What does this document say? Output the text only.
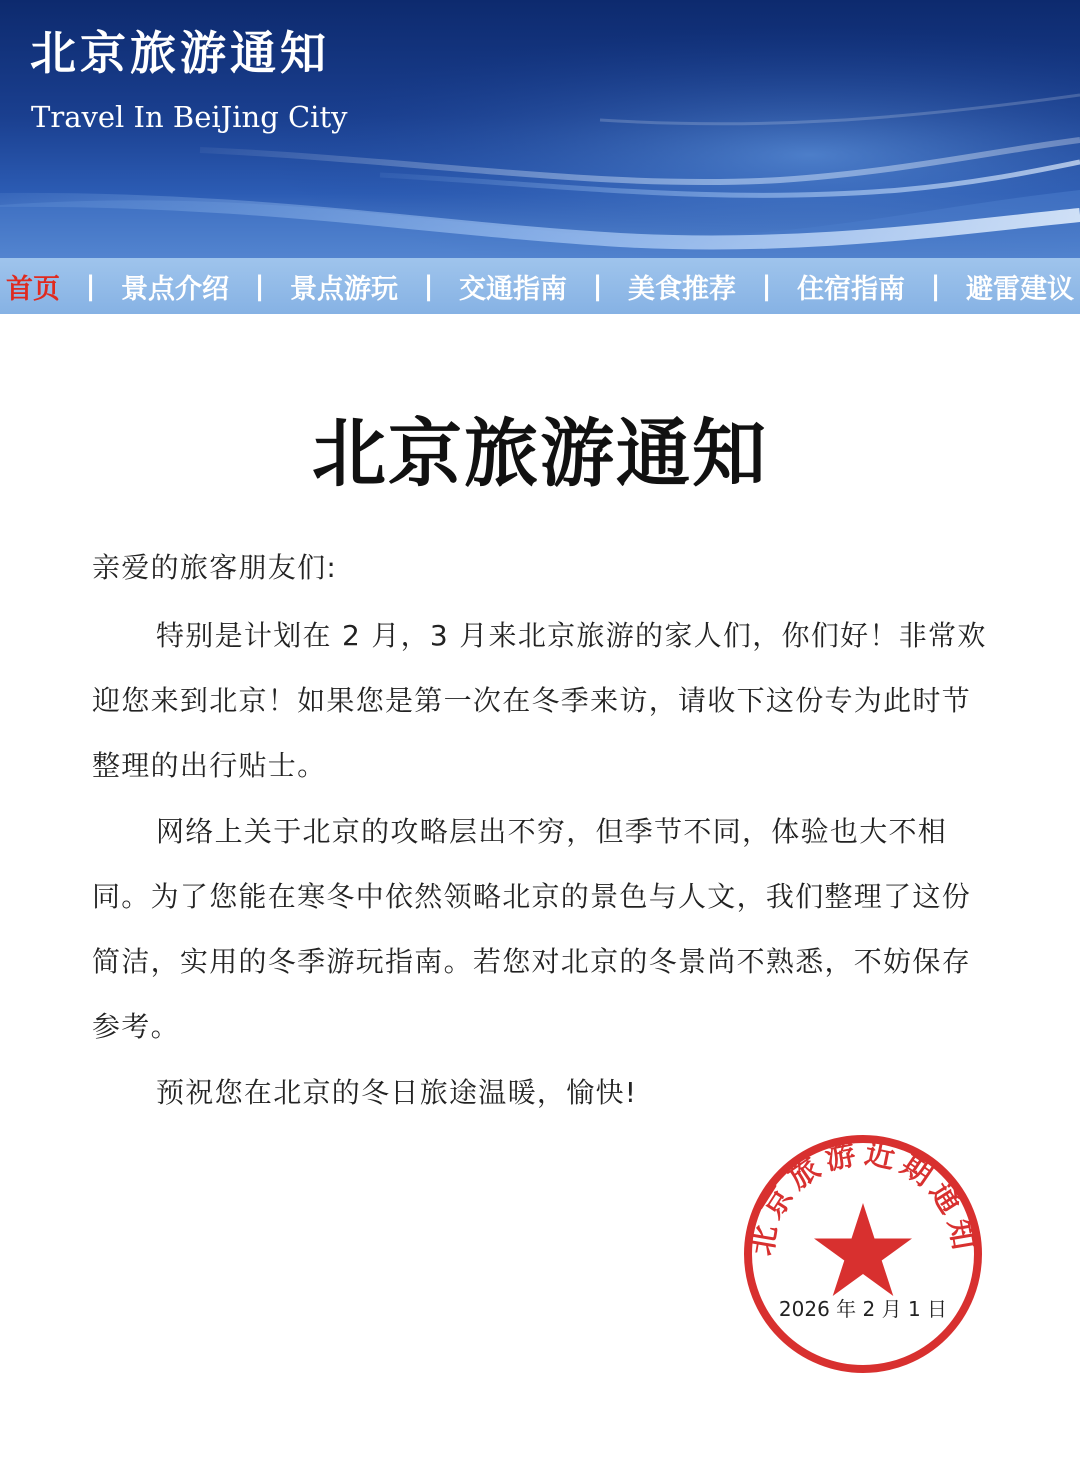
北京旅游通知
Travel In BeiJing City
首页 | 景点介绍 | 景点游玩 | 交通指南 | 美食推荐 | 住宿指南 | 避雷建议
北京旅游通知
亲爱的旅客朋友们:

特别是计划在 2 月，3 月来北京旅游的家人们，你们好！非常欢迎您来到北京！如果您是第一次在冬季来访，请收下这份专为此时节整理的出行贴士。

网络上关于北京的攻略层出不穷，但季节不同，体验也大不相同。为了您能在寒冬中依然领略北京的景色与人文，我们整理了这份简洁，实用的冬季游玩指南。若您对北京的冬景尚不熟悉，不妨保存参考。

预祝您在北京的冬日旅途温暖，愉快!

北京旅游近期通知
2026 年 2 月 1 日
